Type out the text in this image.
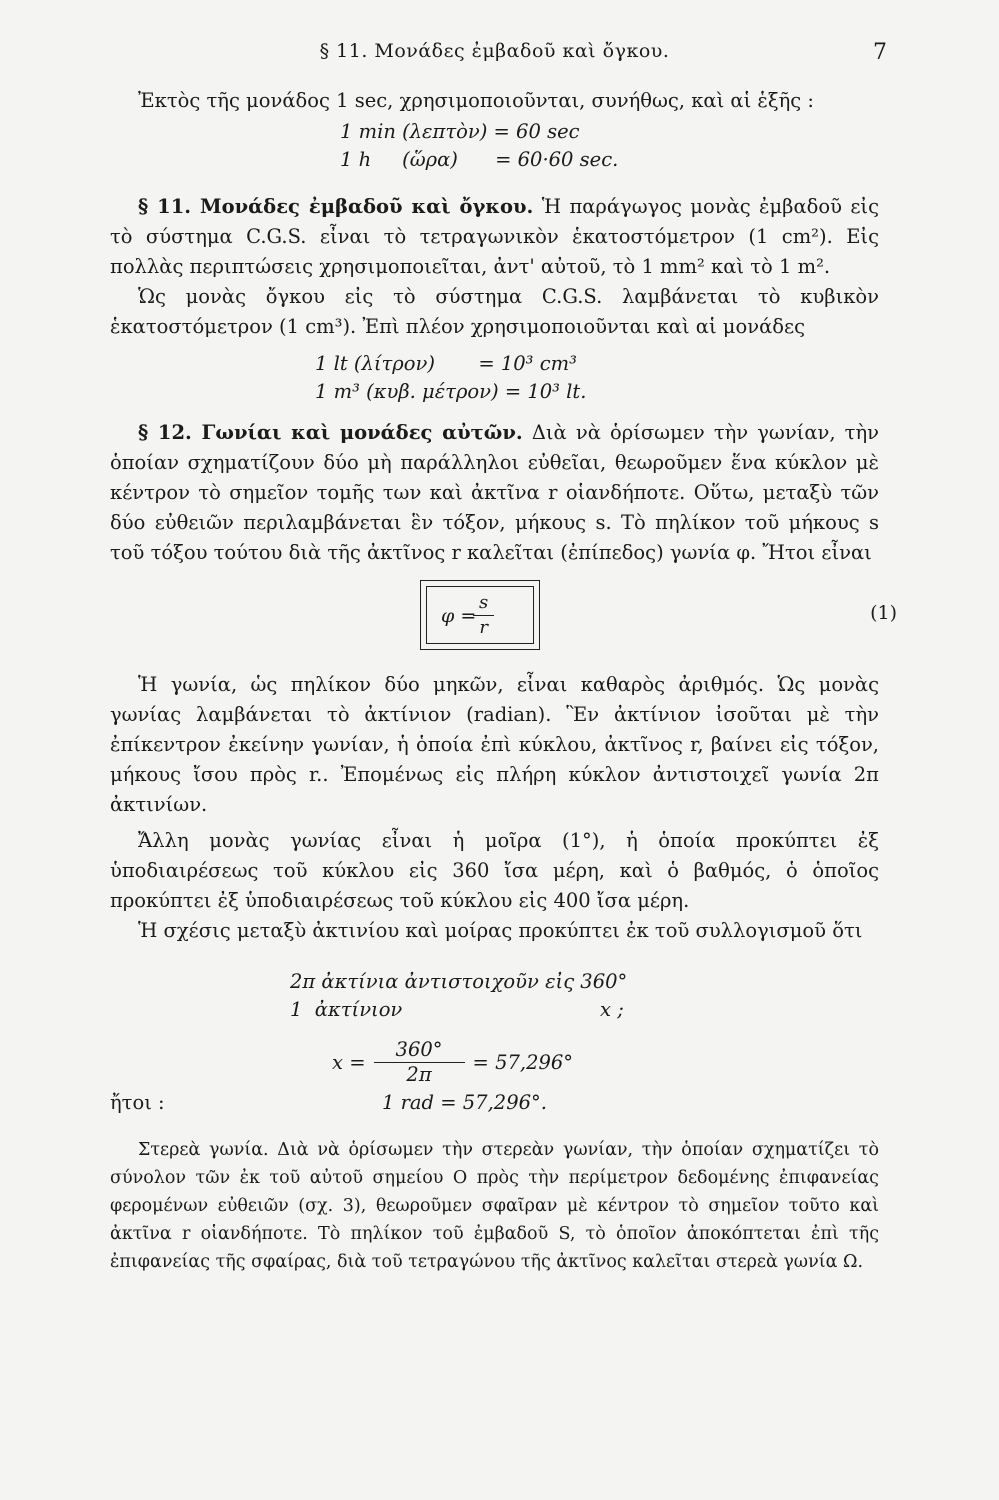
§ 11. Μονάδες ἐμβαδοῦ καὶ ὄγκου.	7

Ἐκτὸς τῆς μονάδος 1 sec, χρησιμοποιοῦνται, συνήθως, καὶ αἱ ἑξῆς :

1 min (λεπτὸν) = 60 sec
1 h     (ὥρα)      = 60·60 sec.

§ 11. Μονάδες ἐμβαδοῦ καὶ ὄγκου. Ἡ παράγωγος μονὰς ἐμβαδοῦ εἰς τὸ σύστημα C.G.S. εἶναι τὸ τετραγωνικὸν ἑκατοστόμετρον (1 cm²). Εἰς πολλὰς περιπτώσεις χρησιμοποιεῖται, ἀντ' αὐτοῦ, τὸ 1 mm² καὶ τὸ 1 m².

Ὡς μονὰς ὄγκου εἰς τὸ σύστημα C.G.S. λαμβάνεται τὸ κυβικὸν ἑκατοστόμετρον (1 cm³). Ἐπὶ πλέον χρησιμοποιοῦνται καὶ αἱ μονάδες

1 lt (λίτρον)       = 10³ cm³
1 m³ (κυβ. μέτρον) = 10³ lt.

§ 12. Γωνίαι καὶ μονάδες αὐτῶν. Διὰ νὰ ὁρίσωμεν τὴν γωνίαν, τὴν ὁποίαν σχηματίζουν δύο μὴ παράλληλοι εὐθεῖαι, θεωροῦμεν ἕνα κύκλον μὲ κέντρον τὸ σημεῖον τομῆς των καὶ ἀκτῖνα r οἱανδήποτε. Οὕτω, μεταξὺ τῶν δύο εὐθειῶν περιλαμβάνεται ἓν τόξον, μήκους s. Τὸ πηλίκον τοῦ μήκους s τοῦ τόξου τούτου διὰ τῆς ἀκτῖνος r καλεῖται (ἐπίπεδος) γωνία φ. Ἤτοι εἶναι

φ =
$\frac{s}{r}$	(1)

Ἡ γωνία, ὡς πηλίκον δύο μηκῶν, εἶναι καθαρὸς ἀριθμός. Ὡς μονὰς γωνίας λαμβάνεται τὸ ἀκτίνιον (radian). Ἓν ἀκτίνιον ἰσοῦται μὲ τὴν ἐπίκεντρον ἐκείνην γωνίαν, ἡ ὁποία ἐπὶ κύκλου, ἀκτῖνος r, βαίνει εἰς τόξον, μήκους ἴσου πρὸς r.. Ἐπομένως εἰς πλήρη κύκλον ἀντιστοιχεῖ γωνία 2π ἀκτινίων.

Ἄλλη μονὰς γωνίας εἶναι ἡ μοῖρα (1°), ἡ ὁποία προκύπτει ἐξ ὑποδιαιρέσεως τοῦ κύκλου εἰς 360 ἴσα μέρη, καὶ ὁ βαθμός, ὁ ὁποῖος προκύπτει ἐξ ὑποδιαιρέσεως τοῦ κύκλου εἰς 400 ἴσα μέρη.

Ἡ σχέσις μεταξὺ ἀκτινίου καὶ μοίρας προκύπτει ἐκ τοῦ συλλογισμοῦ ὅτι

2π ἀκτίνια ἀντιστοιχοῦν εἰς 360°
1  ἀκτίνιον	x ;
$x = \frac{360^\circ}{2\pi} = 57,296^\circ$
ἤτοι :	1 rad = 57,296°.

Στερεὰ γωνία. Διὰ νὰ ὁρίσωμεν τὴν στερεὰν γωνίαν, τὴν ὁποίαν σχηματίζει τὸ σύνολον τῶν ἐκ τοῦ αὐτοῦ σημείου O πρὸς τὴν περίμετρον δεδομένης ἐπιφανείας φερομένων εὐθειῶν (σχ. 3), θεωροῦμεν σφαῖραν μὲ κέντρον τὸ σημεῖον τοῦτο καὶ ἀκτῖνα r οἱανδήποτε. Τὸ πηλίκον τοῦ ἐμβαδοῦ S, τὸ ὁποῖον ἀποκόπτεται ἐπὶ τῆς ἐπιφανείας τῆς σφαίρας, διὰ τοῦ τετραγώνου τῆς ἀκτῖνος καλεῖται στερεὰ γωνία Ω.
